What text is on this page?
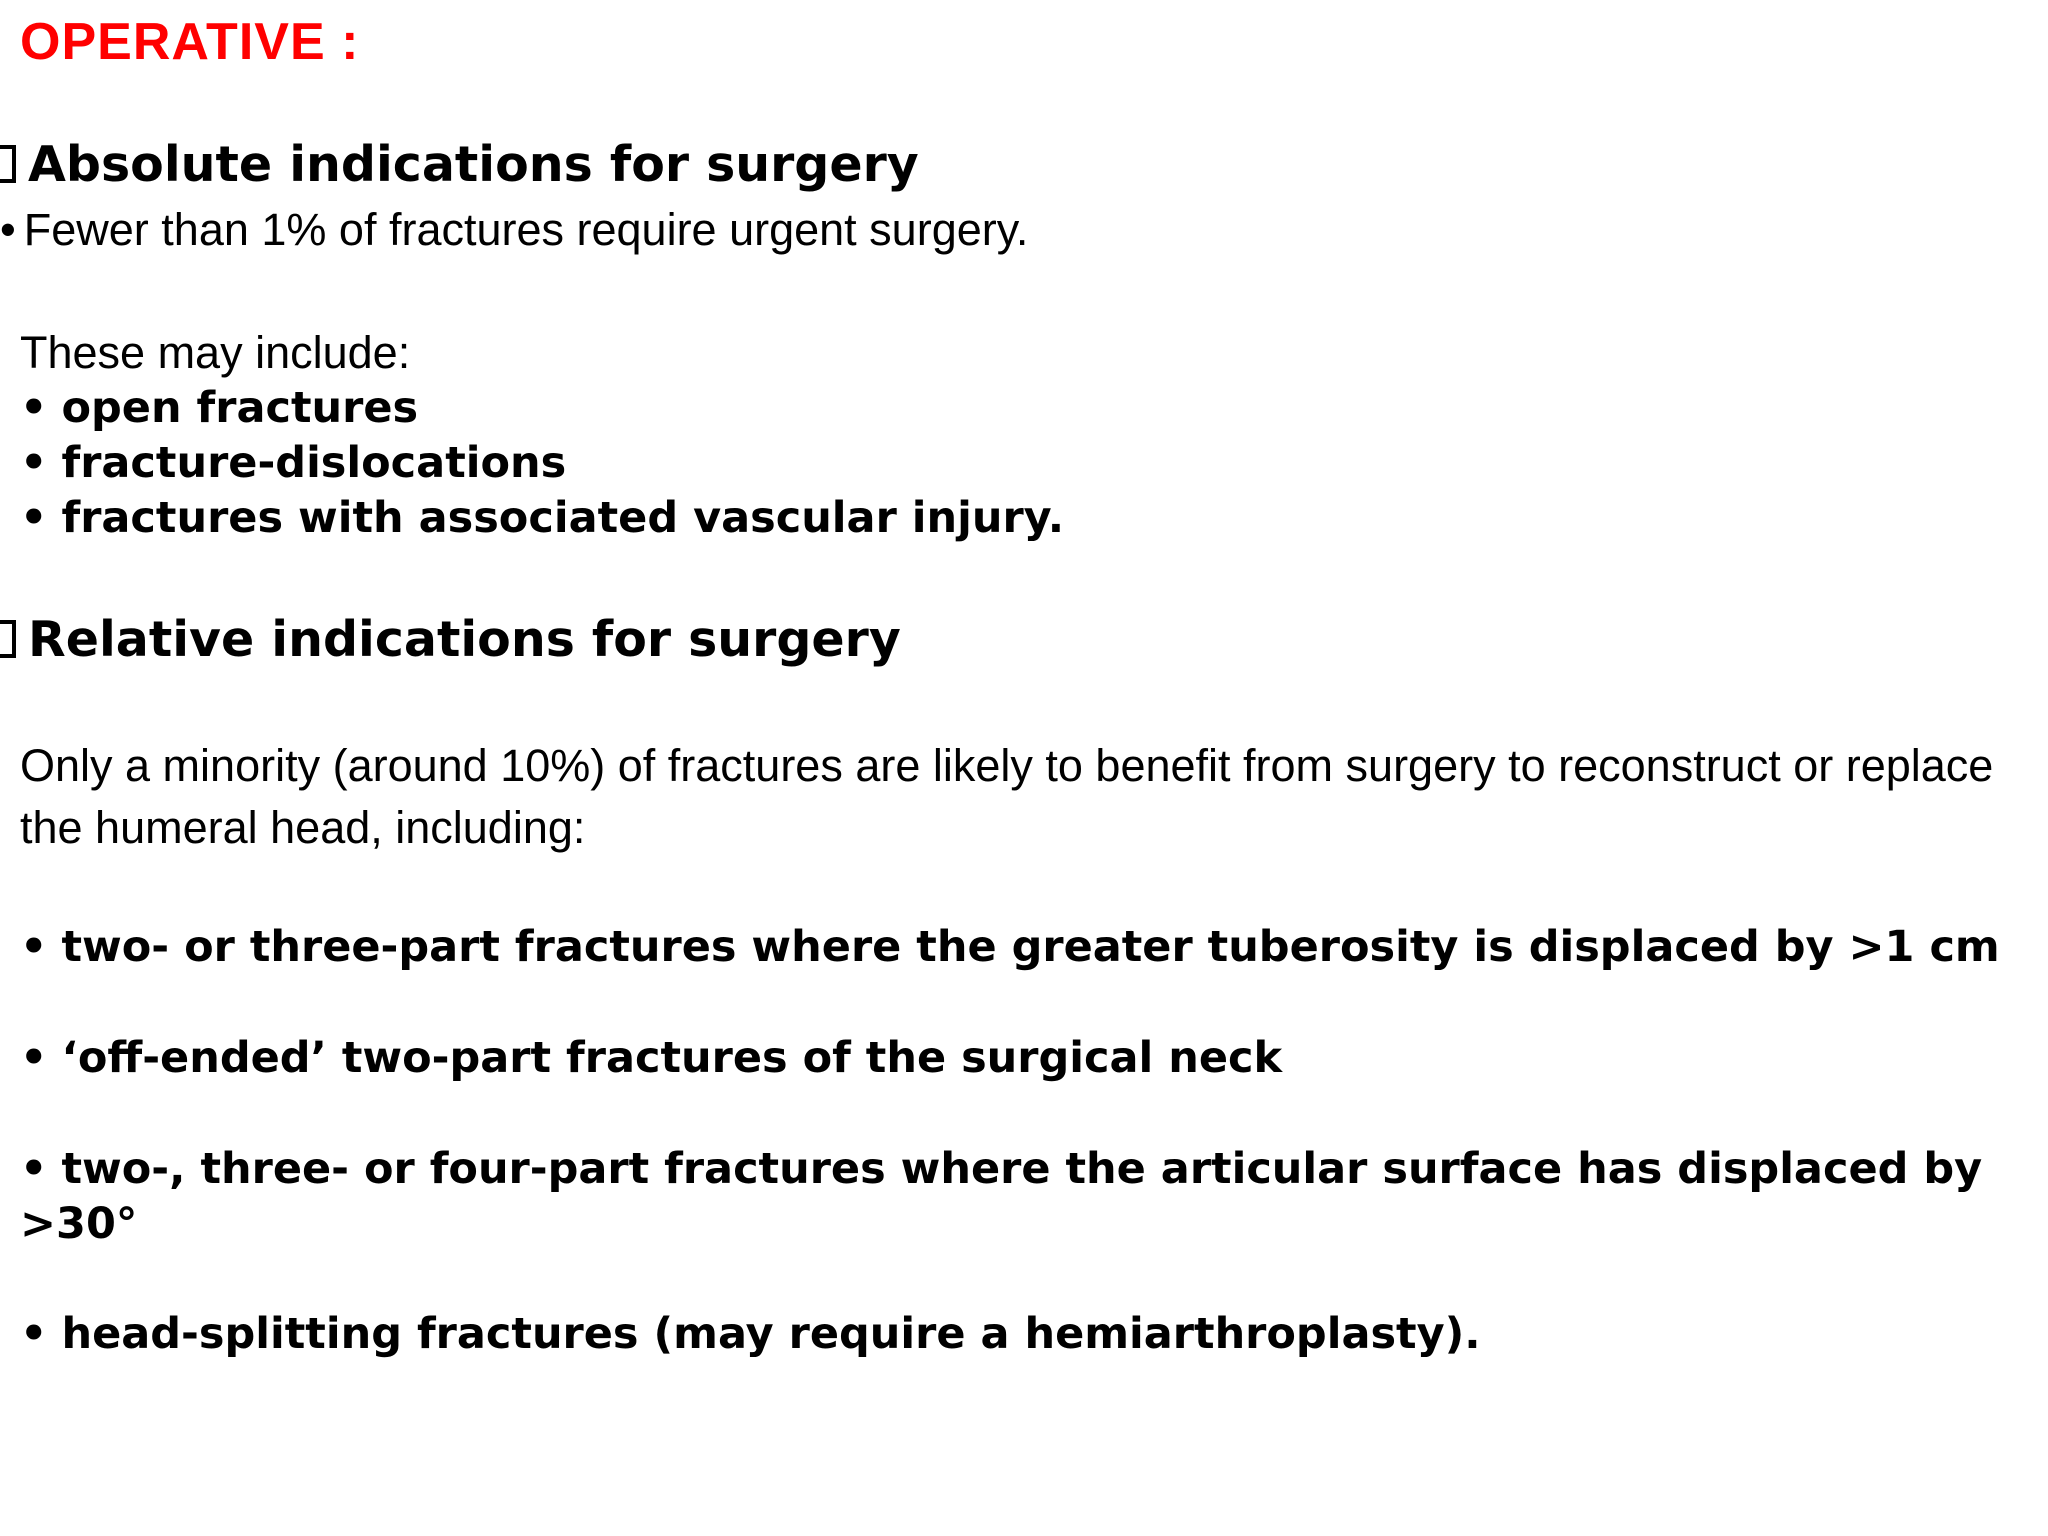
OPERATIVE :
Absolute indications for surgery
• Fewer than 1% of fractures require urgent surgery.
These may include:
• open fractures
• fracture-dislocations
• fractures with associated vascular injury.
Relative indications for surgery
Only a minority (around 10%) of fractures are likely to benefit from surgery to reconstruct or replace the humeral head, including:
• two- or three-part fractures where the greater tuberosity is displaced by >1 cm
• ‘off-ended’ two-part fractures of the surgical neck
• two-, three- or four-part fractures where the articular surface has displaced by >30°
• head-splitting fractures (may require a hemiarthroplasty).
